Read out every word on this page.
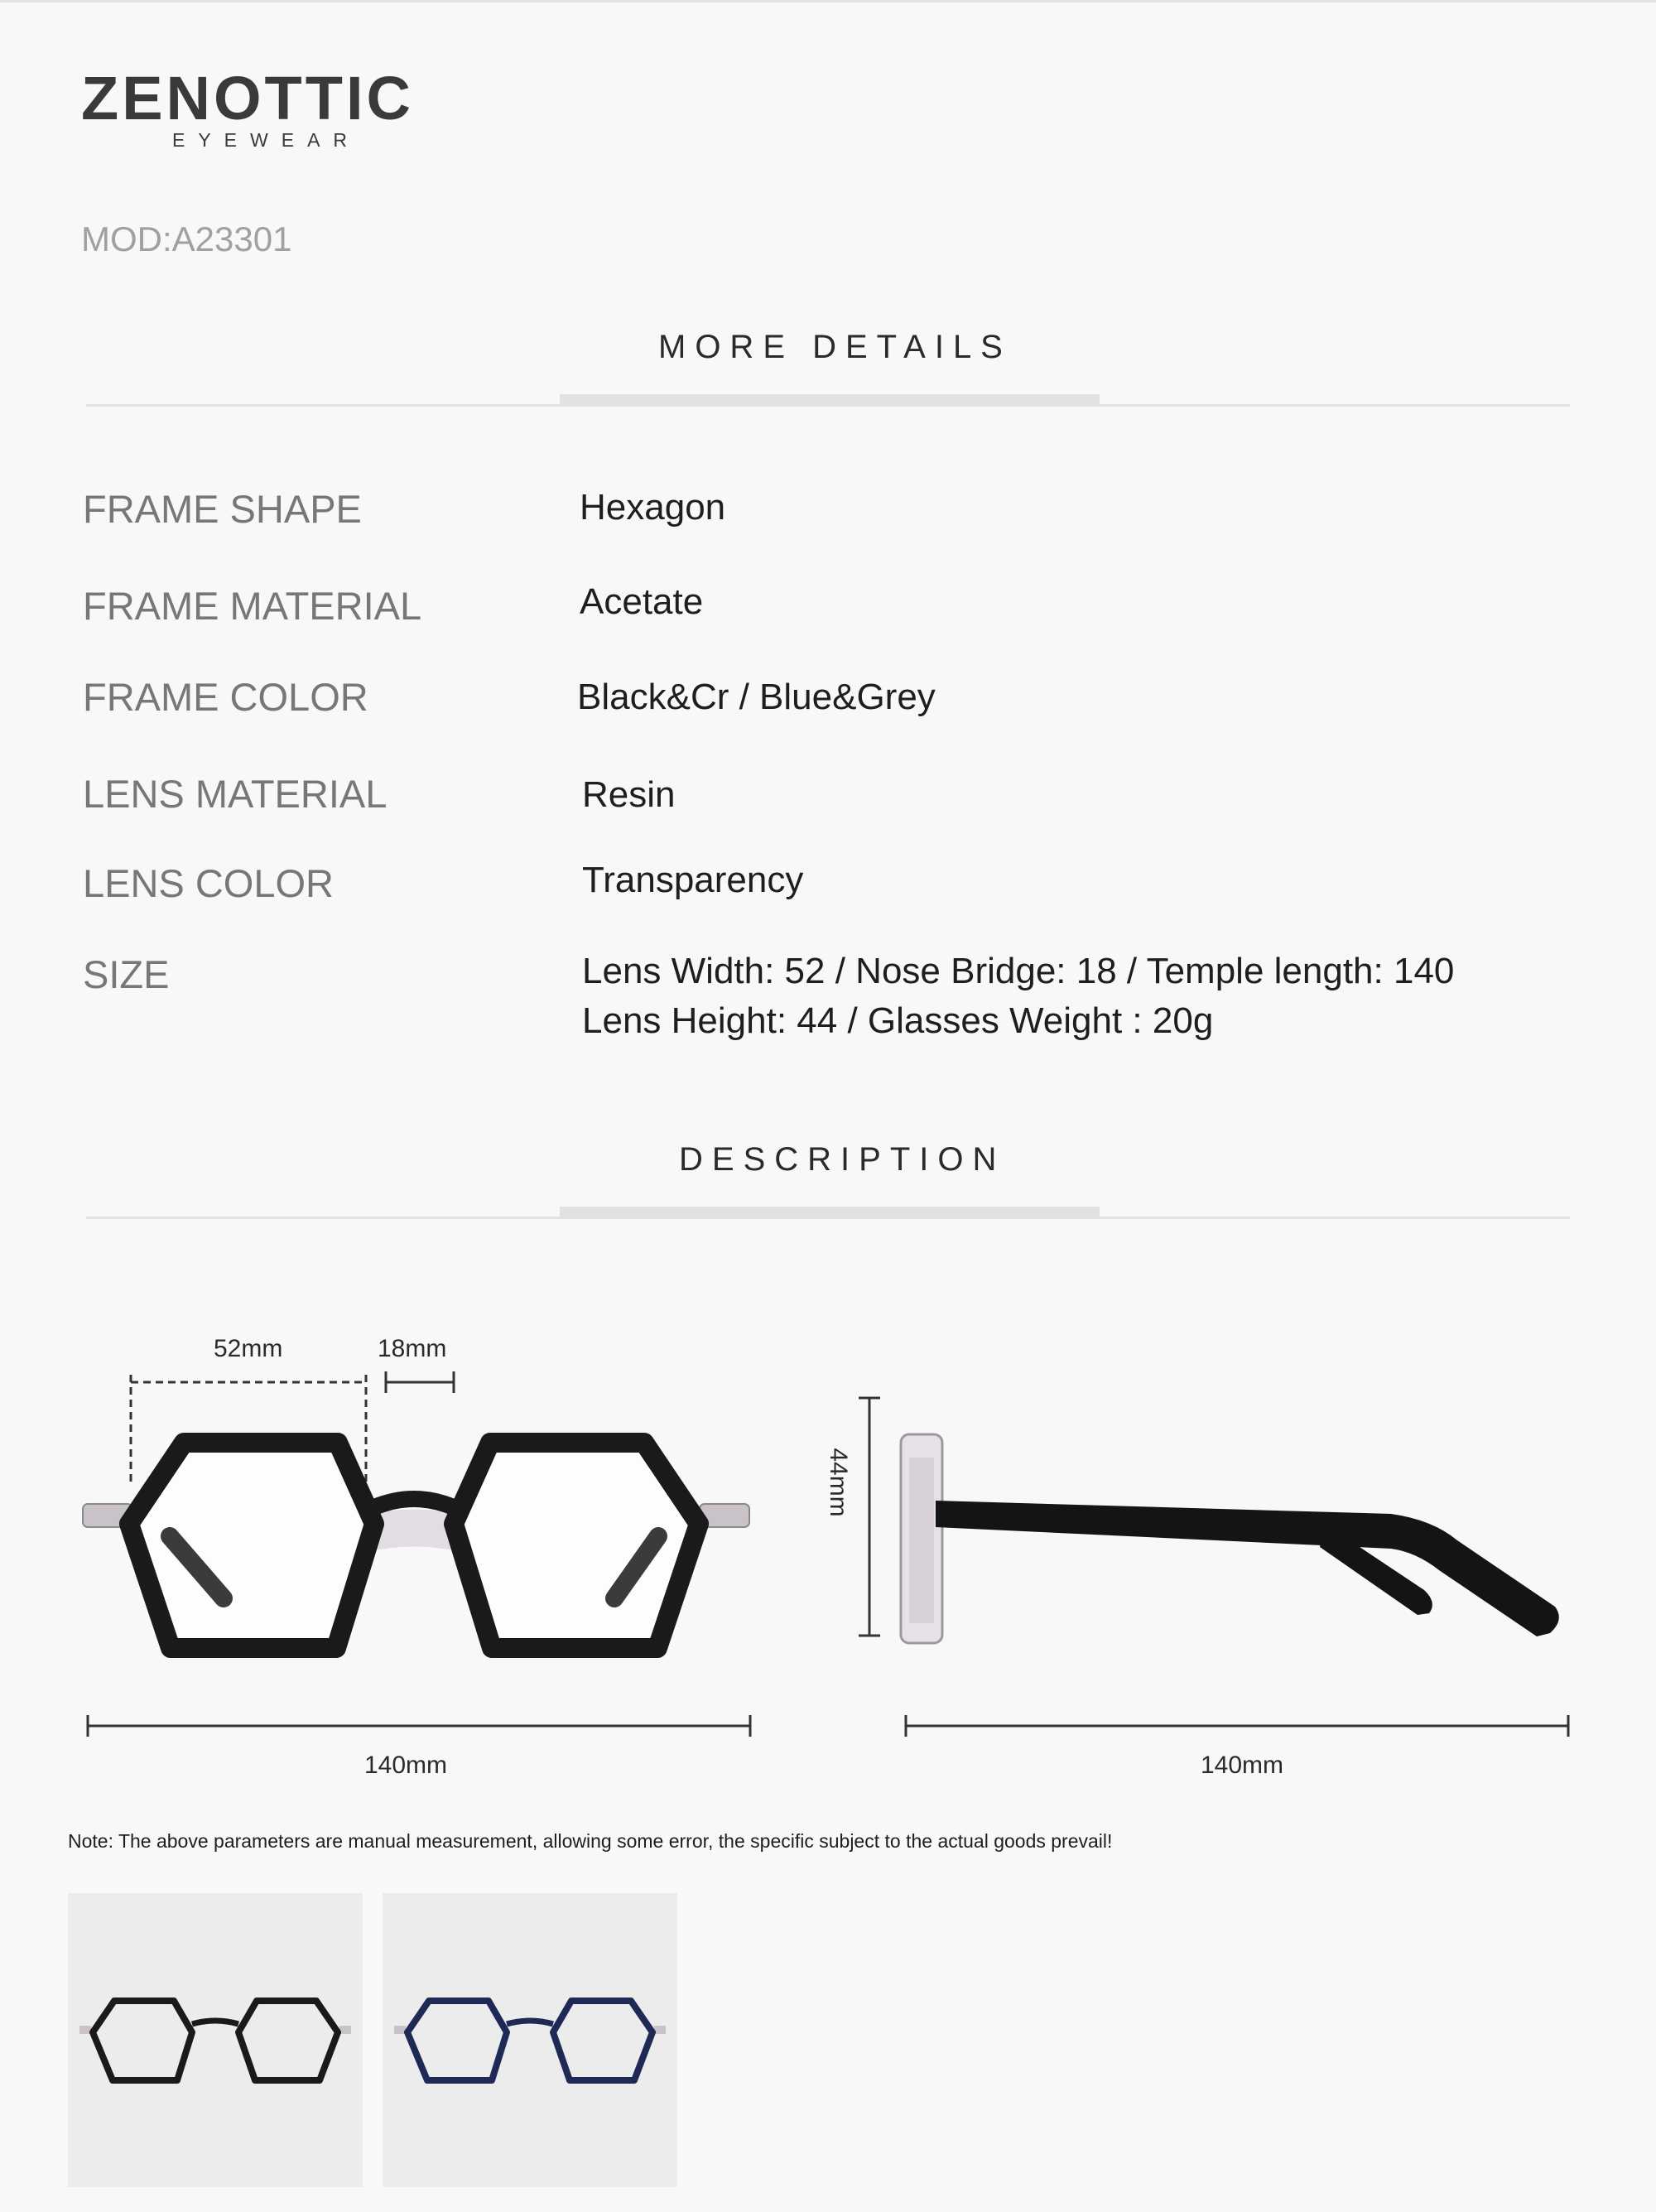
ZENOTTIC
EYEWEAR
MOD:A23301
MORE DETAILS
FRAME SHAPE	Hexagon
FRAME MATERIAL	Acetate
FRAME COLOR	Black&Cr / Blue&Grey
LENS MATERIAL	Resin
LENS COLOR	Transparency
SIZE	Lens Width: 52 / Nose Bridge: 18 / Temple length: 140
Lens Height: 44 / Glasses Weight : 20g
DESCRIPTION
52mm	18mm
140mm	140mm
44mm
Note: The above parameters are manual measurement, allowing some error, the specific subject to the actual goods prevail!
